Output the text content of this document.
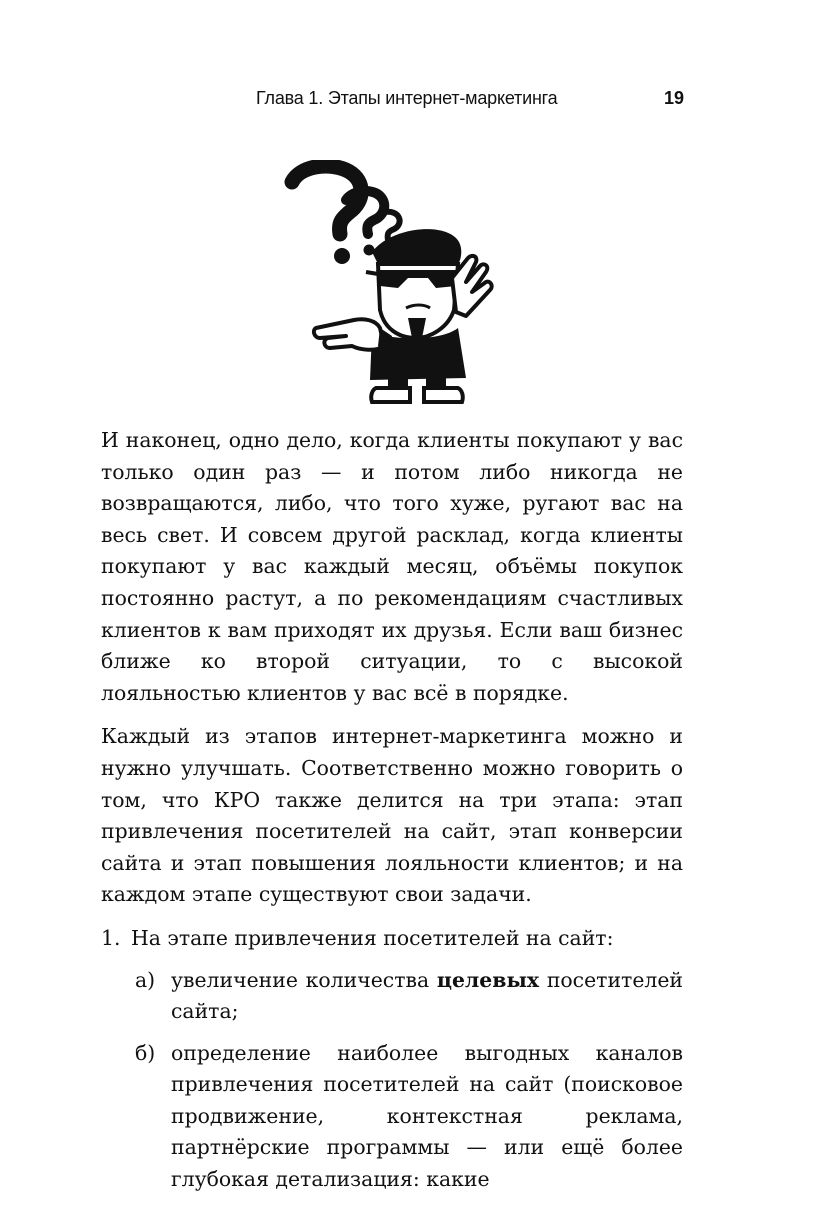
Глава 1. Этапы интернет-маркетинга	19

И наконец, одно дело, когда клиенты покупают у вас только один раз — и потом либо никогда не возвращаются, либо, что того хуже, ругают вас на весь свет. И совсем другой расклад, когда клиенты покупают у вас каждый месяц, объёмы покупок постоянно растут, а по рекомендациям счастливых клиентов к вам приходят их друзья. Если ваш бизнес ближе ко второй ситуации, то с высокой лояльностью клиентов у вас всё в порядке.

Каждый из этапов интернет-маркетинга можно и нужно улучшать. Соответственно можно говорить о том, что КРО также делится на три этапа: этап привлечения посетителей на сайт, этап конверсии сайта и этап повышения лояльности клиентов; и на каждом этапе существуют свои задачи.

1. На этапе привлечения посетителей на сайт:
а) увеличение количества целевых посетителей сайта;
б) определение наиболее выгодных каналов привлечения посетителей на сайт (поисковое продвижение, контекстная реклама, партнёрские программы — или ещё более глубокая детализация: какие
